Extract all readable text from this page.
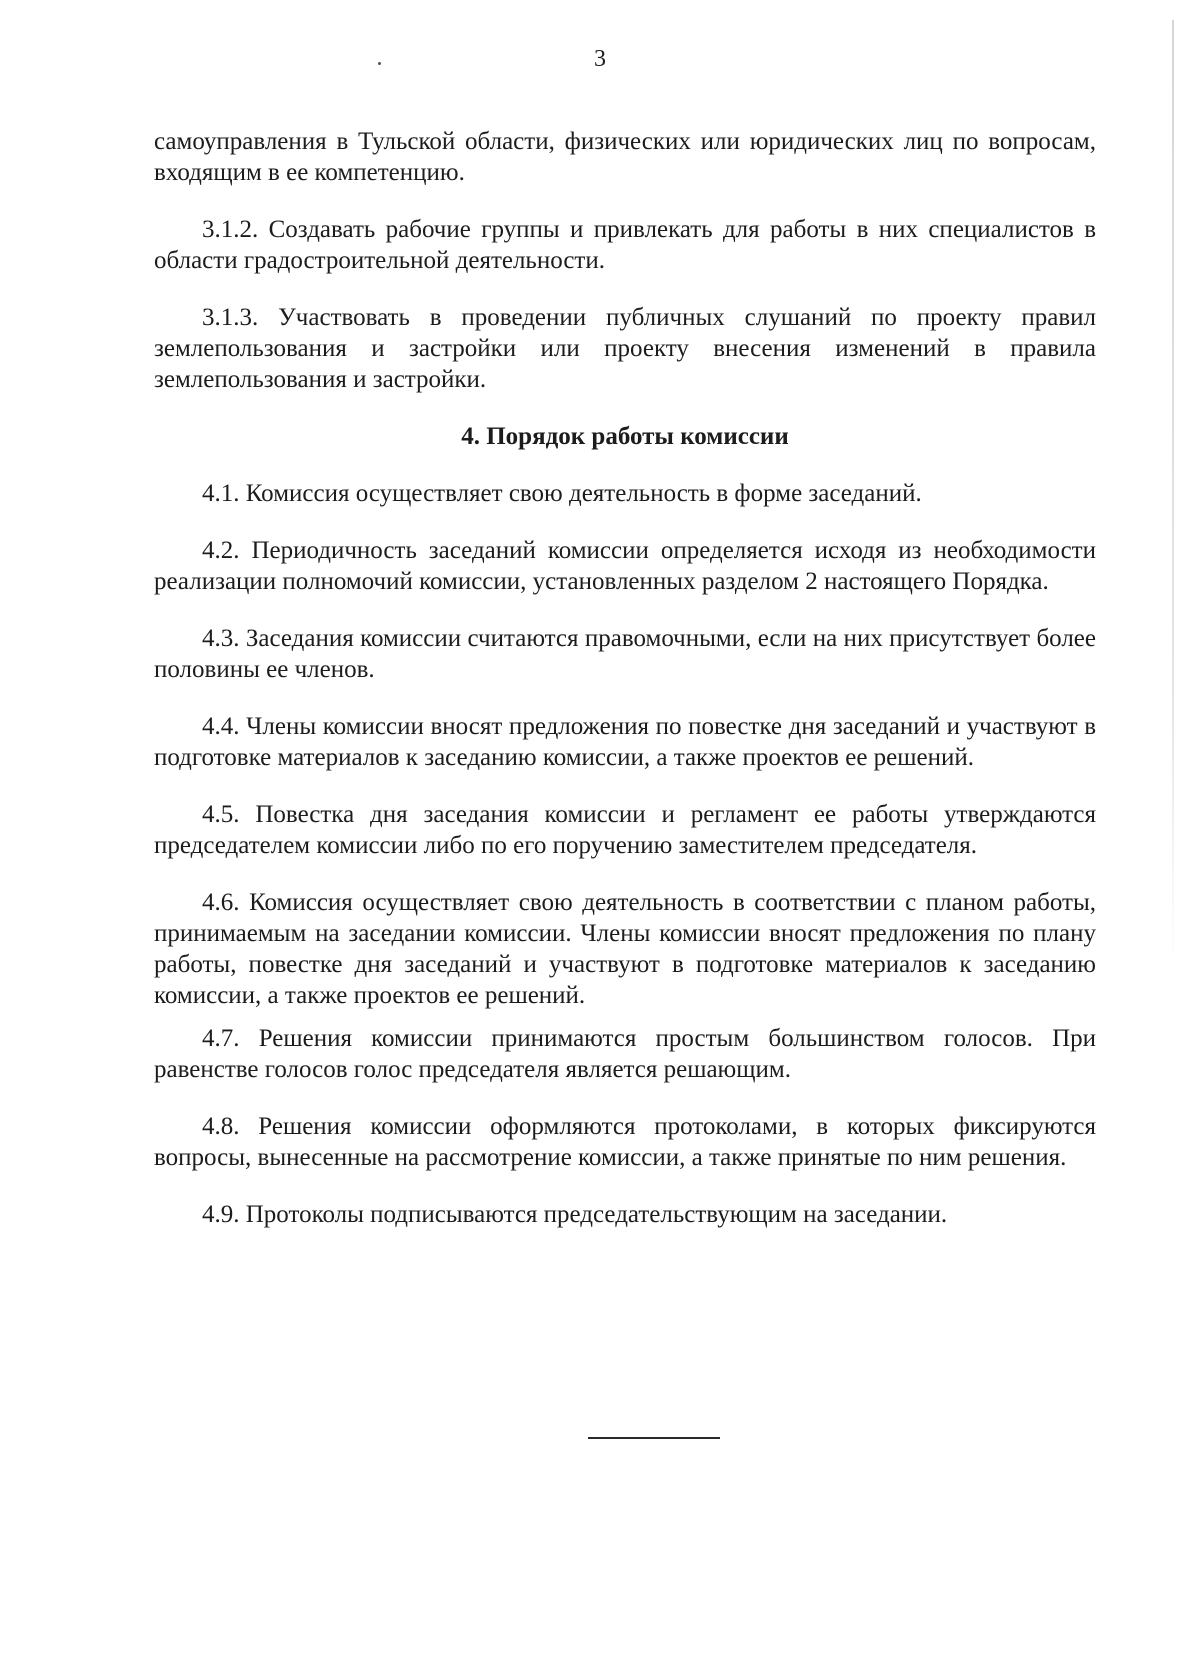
3

самоуправления в Тульской области, физических или юридических лиц по вопросам, входящим в ее компетенцию.

3.1.2. Создавать рабочие группы и привлекать для работы в них специалистов в области градостроительной деятельности.

3.1.3. Участвовать в проведении публичных слушаний по проекту правил землепользования и застройки или проекту внесения изменений в правила землепользования и застройки.

4. Порядок работы комиссии

4.1. Комиссия осуществляет свою деятельность в форме заседаний.

4.2. Периодичность заседаний комиссии определяется исходя из необходимости реализации полномочий комиссии, установленных разделом 2 настоящего Порядка.

4.3. Заседания комиссии считаются правомочными, если на них присутствует более половины ее членов.

4.4. Члены комиссии вносят предложения по повестке дня заседаний и участвуют в подготовке материалов к заседанию комиссии, а также проектов ее решений.

4.5. Повестка дня заседания комиссии и регламент ее работы утверждаются председателем комиссии либо по его поручению заместителем председателя.

4.6. Комиссия осуществляет свою деятельность в соответствии с планом работы, принимаемым на заседании комиссии. Члены комиссии вносят предложения по плану работы, повестке дня заседаний и участвуют в подготовке материалов к заседанию комиссии, а также проектов ее решений.

4.7. Решения комиссии принимаются простым большинством голосов. При равенстве голосов голос председателя является решающим.

4.8. Решения комиссии оформляются протоколами, в которых фиксируются вопросы, вынесенные на рассмотрение комиссии, а также принятые по ним решения.

4.9. Протоколы подписываются председательствующим на заседании.
